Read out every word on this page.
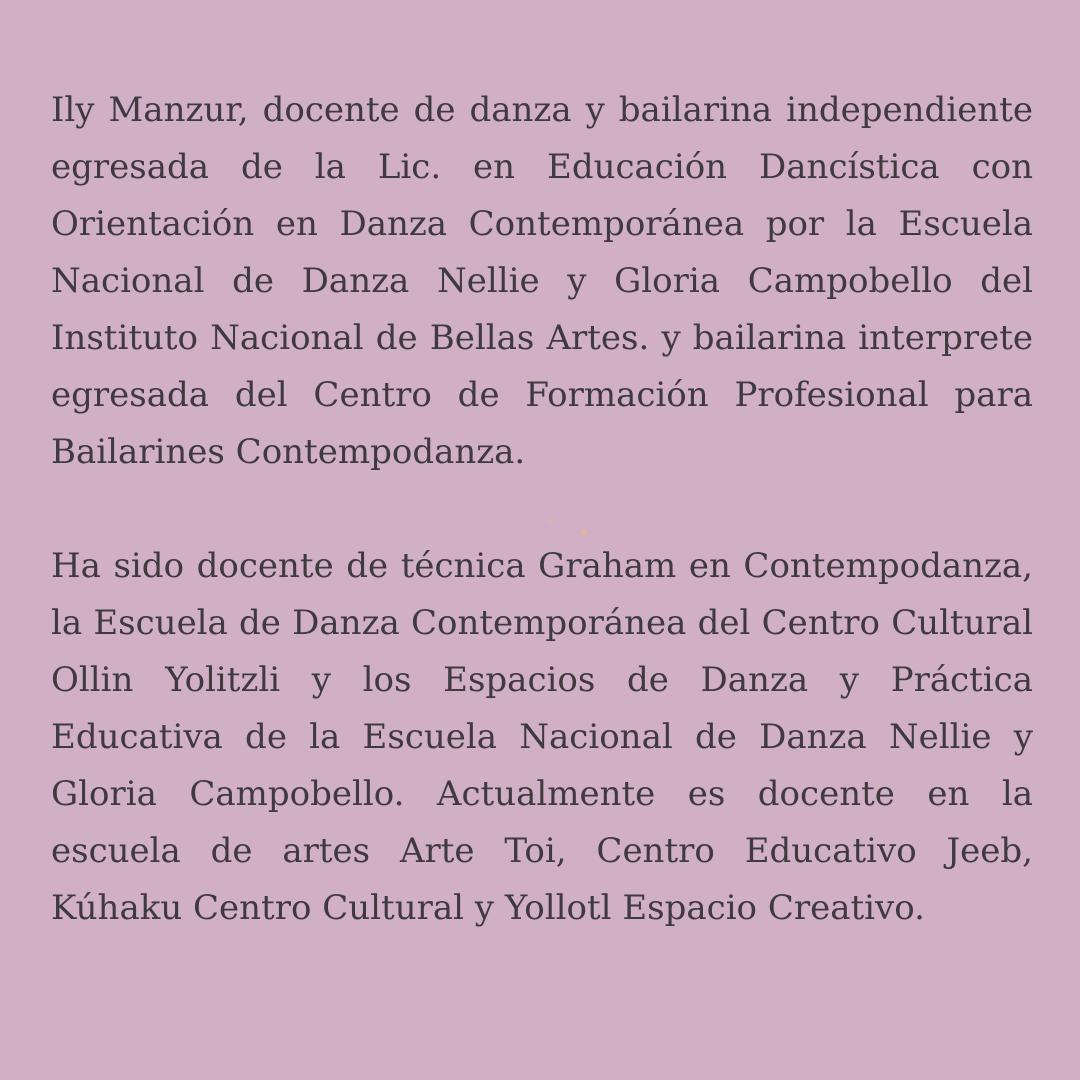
Ily Manzur, docente de danza y bailarina independiente egresada de la Lic. en Educación Dancística con Orientación en Danza Contemporánea por la Escuela Nacional de Danza Nellie y Gloria Campobello del Instituto Nacional de Bellas Artes. y bailarina interprete egresada del Centro de Formación Profesional para Bailarines Contempodanza.

Ha sido docente de técnica Graham en Contempodanza, la Escuela de Danza Contemporánea del Centro Cultural Ollin Yolitzli y los Espacios de Danza y Práctica Educativa de la Escuela Nacional de Danza Nellie y Gloria Campobello. Actualmente es docente en la escuela de artes Arte Toi, Centro Educativo Jeeb, Kúhaku Centro Cultural y Yollotl Espacio Creativo.
